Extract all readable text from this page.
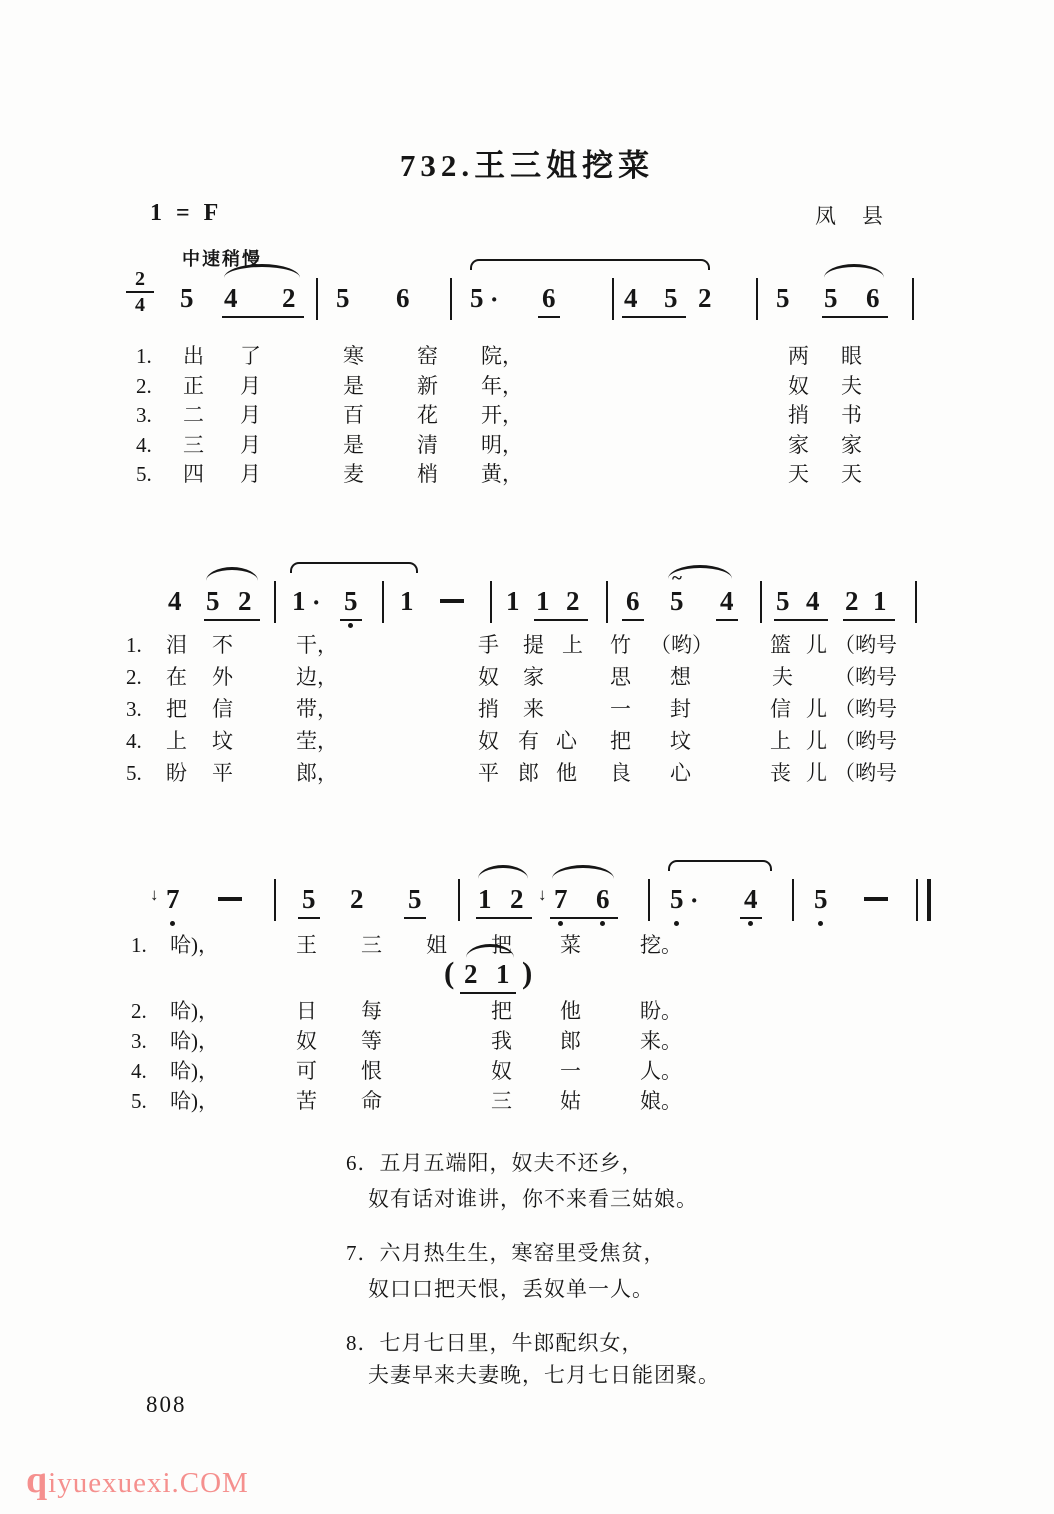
732.王三姐挖菜
1 = F	凤县
中速稍慢
$\frac{2}{4} 5$ 4 2 5 6 5 · 6	4 5 2 5 5 6
4 5 2 1 · 5 1	1 1 2 6 5
~
4 5 4 2 1
7
↓	5 2 5 1 2 7
↓ 6 5 · 4 5
( 2 1 )
1. 出 了	寒	窑 院，	两 眼
2. 正 月	是	新 年，	奴 夫
3. 二 月	百	花 开，	捎 书
4. 三 月	是	清 明，	家 家
5. 四 月	麦	梢 黄，	天 天
1. 泪 不	干，	手 提 上 竹 （哟）	篮 儿 （哟号
2. 在 外	边，	奴 家	思 想	夫 （哟号
3. 把 信	带，	捎 来	一 封	信 儿 （哟号
4. 上 坟	茔，	奴 有 心 把 坟	上 儿 （哟号
5. 盼 平	郎，	平 郎 他 良 心	丧 儿 （哟号
1. 哈)，	王 三 姐 把 菜	挖。
2. 哈)，	日 每	把 他	盼。
3. 哈)，	奴 等	我 郎	来。
4. 哈)，	可 恨	奴 一	人。
5. 哈)，	苦 命	三 姑	娘。
6．五月五端阳，奴夫不还乡，
奴有话对谁讲，你不来看三姑娘。
7．六月热生生，寒窑里受焦贫，
奴口口把天恨，丢奴单一人。
8．七月七日里，牛郎配织女，
夫妻早来夫妻晚，七月七日能团聚。
808
qiyuexuexi.COM
